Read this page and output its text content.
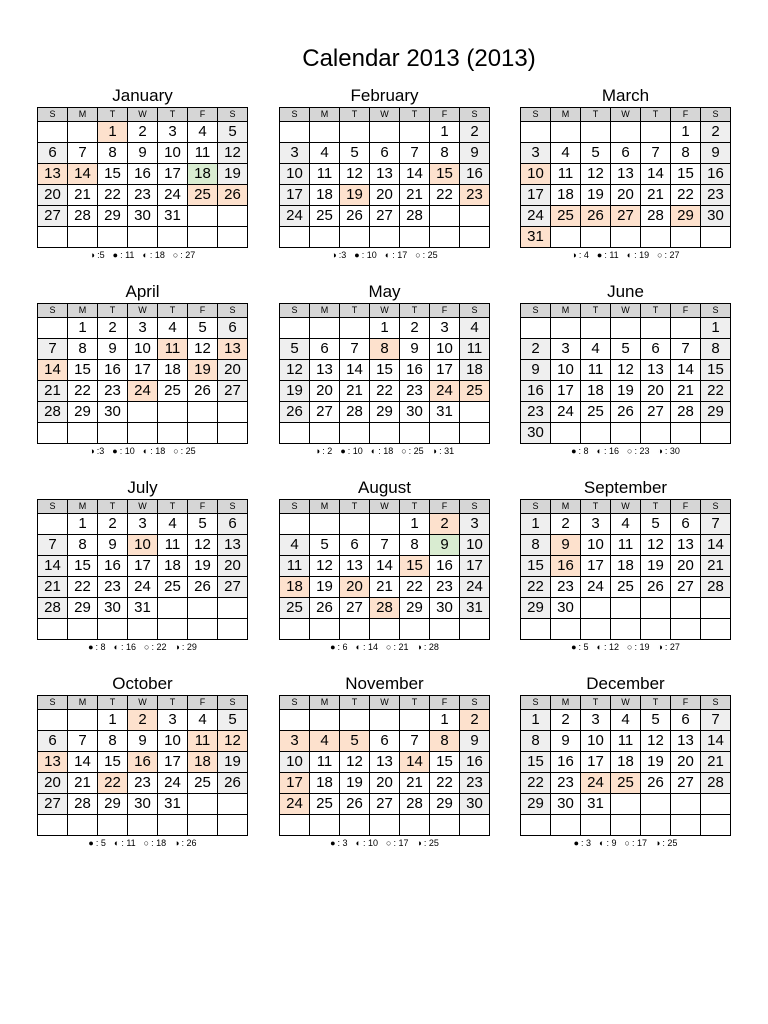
Calendar 2013 (2013)
January
S	M	T	W	T	F	S
		1	2	3	4	5
6	7	8	9	10	11	12
13	14	15	16	17	18	19
20	21	22	23	24	25	26
27	28	29	30	31		

◑ :5 ● : 11 ◐ : 18 ○ : 27
February
S	M	T	W	T	F	S
					1	2
3	4	5	6	7	8	9
10	11	12	13	14	15	16
17	18	19	20	21	22	23
24	25	26	27	28		

◑ :3 ● : 10 ◐ : 17 ○ : 25
March
S	M	T	W	T	F	S
					1	2
3	4	5	6	7	8	9
10	11	12	13	14	15	16
17	18	19	20	21	22	23
24	25	26	27	28	29	30
31						
◑ : 4 ● : 11 ◐ : 19 ○ : 27
April
S	M	T	W	T	F	S
	1	2	3	4	5	6
7	8	9	10	11	12	13
14	15	16	17	18	19	20
21	22	23	24	25	26	27
28	29	30				

◑ :3 ● : 10 ◐ : 18 ○ : 25
May
S	M	T	W	T	F	S
			1	2	3	4
5	6	7	8	9	10	11
12	13	14	15	16	17	18
19	20	21	22	23	24	25
26	27	28	29	30	31	

◑ : 2 ● : 10 ◐ : 18 ○ : 25 ◑ : 31
June
S	M	T	W	T	F	S
						1
2	3	4	5	6	7	8
9	10	11	12	13	14	15
16	17	18	19	20	21	22
23	24	25	26	27	28	29
30						
● : 8 ◐ : 16 ○ : 23 ◑ : 30
July
S	M	T	W	T	F	S
	1	2	3	4	5	6
7	8	9	10	11	12	13
14	15	16	17	18	19	20
21	22	23	24	25	26	27
28	29	30	31			

● : 8 ◐ : 16 ○ : 22 ◑ : 29
August
S	M	T	W	T	F	S
				1	2	3
4	5	6	7	8	9	10
11	12	13	14	15	16	17
18	19	20	21	22	23	24
25	26	27	28	29	30	31

● : 6 ◐ : 14 ○ : 21 ◑ : 28
September
S	M	T	W	T	F	S
1	2	3	4	5	6	7
8	9	10	11	12	13	14
15	16	17	18	19	20	21
22	23	24	25	26	27	28
29	30					

● : 5 ◐ : 12 ○ : 19 ◑ : 27
October
S	M	T	W	T	F	S
		1	2	3	4	5
6	7	8	9	10	11	12
13	14	15	16	17	18	19
20	21	22	23	24	25	26
27	28	29	30	31		

● : 5 ◐ : 11 ○ : 18 ◑ : 26
November
S	M	T	W	T	F	S
					1	2
3	4	5	6	7	8	9
10	11	12	13	14	15	16
17	18	19	20	21	22	23
24	25	26	27	28	29	30

● : 3 ◐ : 10 ○ : 17 ◑ : 25
December
S	M	T	W	T	F	S
1	2	3	4	5	6	7
8	9	10	11	12	13	14
15	16	17	18	19	20	21
22	23	24	25	26	27	28
29	30	31				

● : 3 ◐ : 9 ○ : 17 ◑ : 25
